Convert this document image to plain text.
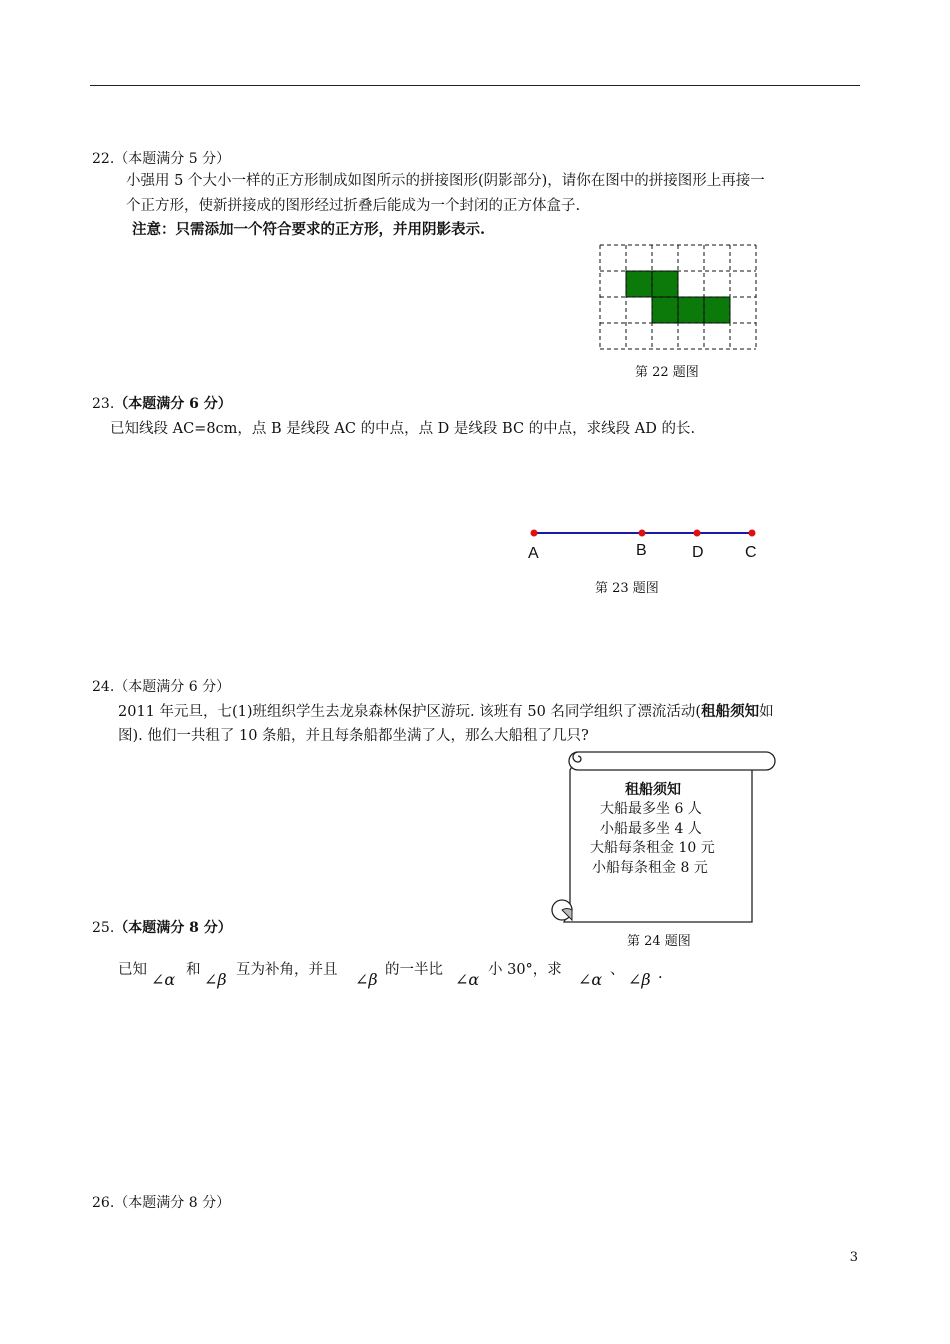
22.（本题满分 5 分）
小强用 5 个大小一样的正方形制成如图所示的拼接图形(阴影部分)，请你在图中的拼接图形上再接一
个正方形，使新拼接成的图形经过折叠后能成为一个封闭的正方体盒子.
注意：只需添加一个符合要求的正方形，并用阴影表示.
第 22 题图
23.（本题满分 6 分）
已知线段 AC=8cm，点 B 是线段 AC 的中点，点 D 是线段 BC 的中点，求线段 AD 的长.
A	B	D	C
第 23 题图
24.（本题满分 6 分）
2011 年元旦，七(1)班组织学生去龙泉森林保护区游玩. 该班有 50 名同学组织了漂流活动(租船须知如
图). 他们一共租了 10 条船，并且每条船都坐满了人，那么大船租了几只?
租船须知
大船最多坐 6 人
小船最多坐 4 人
大船每条租金 10 元
小船每条租金 8 元
第 24 题图
25.（本题满分 8 分）
已知 ∠α 和 ∠β 互为补角，并且 ∠β 的一半比 ∠α 小 30°，求 ∠α 、 ∠β .
26.（本题满分 8 分）
3
